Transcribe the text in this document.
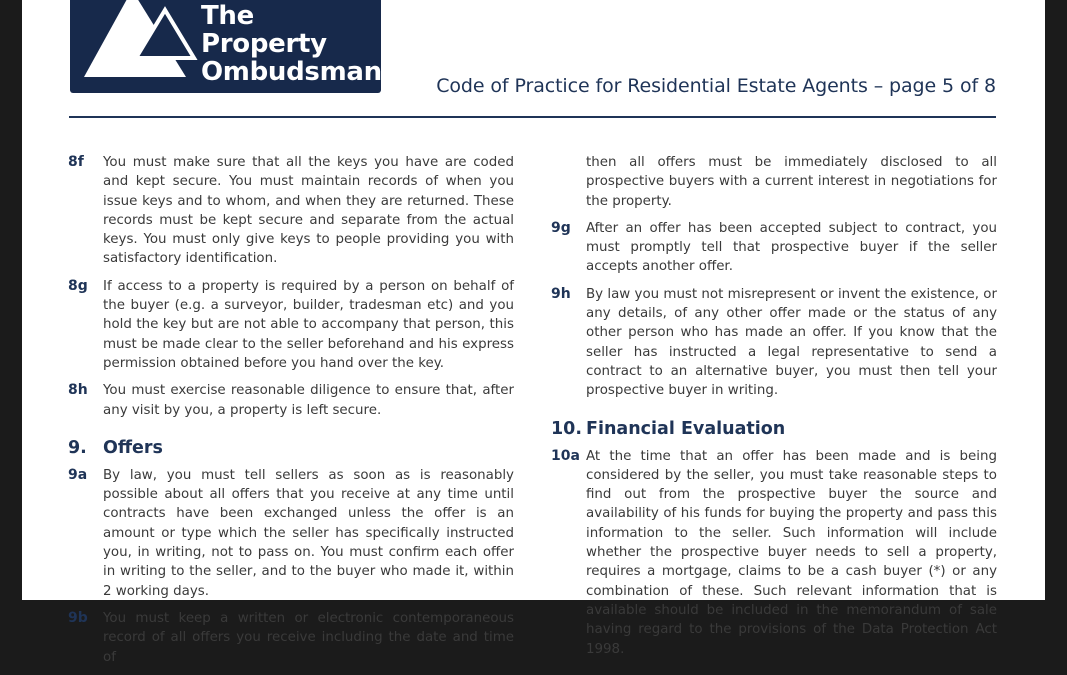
The Property
Ombudsman	Code of Practice for Residential Estate Agents – page 5 of 8
8f	You must make sure that all the keys you have are coded and kept secure. You must maintain records of when you issue keys and to whom, and when they are returned. These records must be kept secure and separate from the actual keys. You must only give keys to people providing you with satisfactory identification.
8g	If access to a property is required by a person on behalf of the buyer (e.g. a surveyor, builder, tradesman etc) and you hold the key but are not able to accompany that person, this must be made clear to the seller beforehand and his express permission obtained before you hand over the key.
8h	You must exercise reasonable diligence to ensure that, after any visit by you, a property is left secure.
9. Offers
9a	By law, you must tell sellers as soon as is reasonably possible about all offers that you receive at any time until contracts have been exchanged unless the offer is an amount or type which the seller has specifically instructed you, in writing, not to pass on. You must confirm each offer in writing to the seller, and to the buyer who made it, within 2 working days.
9b	You must keep a written or electronic contemporaneous record of all offers you receive including the date and time of
then all offers must be immediately disclosed to all prospective buyers with a current interest in negotiations for the property.
9g	After an offer has been accepted subject to contract, you must promptly tell that prospective buyer if the seller accepts another offer.
9h	By law you must not misrepresent or invent the existence, or any details, of any other offer made or the status of any other person who has made an offer. If you know that the seller has instructed a legal representative to send a contract to an alternative buyer, you must then tell your prospective buyer in writing.
10. Financial Evaluation
10a At the time that an offer has been made and is being considered by the seller, you must take reasonable steps to find out from the prospective buyer the source and availability of his funds for buying the property and pass this information to the seller. Such information will include whether the prospective buyer needs to sell a property, requires a mortgage, claims to be a cash buyer (*) or any combination of these. Such relevant information that is available should be included in the memorandum of sale having regard to the provisions of the Data Protection Act 1998.
